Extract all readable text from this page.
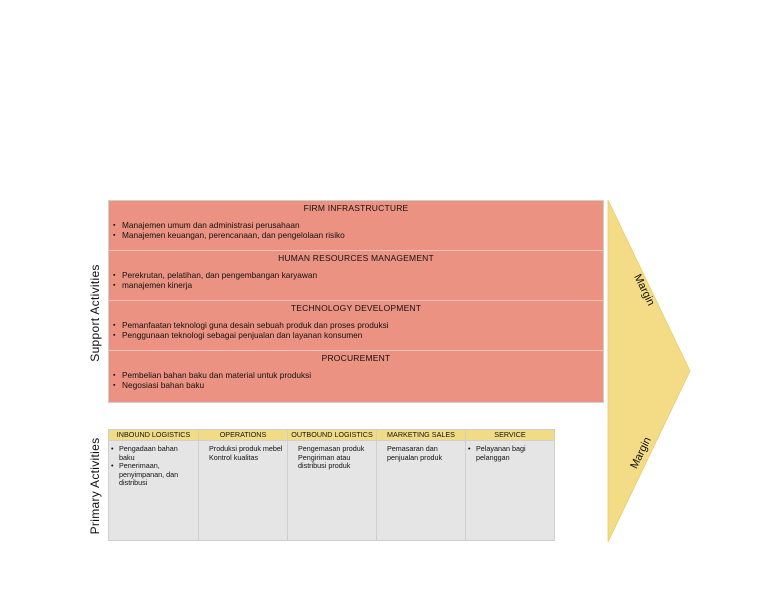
Margin
Margin
FIRM INFRASTRUCTURE
▪ Manajemen umum dan administrasi perusahaan
▪ Manajemen keuangan, perencanaan, dan pengelolaan risiko
HUMAN RESOURCES MANAGEMENT
▪ Perekrutan, pelatihan, dan pengembangan karyawan
▪ manajemen kinerja
TECHNOLOGY DEVELOPMENT
▪ Pemanfaatan teknologi guna desain sebuah produk dan proses produksi
▪ Penggunaan teknologi sebagai penjualan dan layanan konsumen
PROCUREMENT
▪ Pembelian bahan baku dan material untuk produksi
▪ Negosiasi bahan baku
INBOUND LOGISTICS
• Pengadaan bahan baku
• Penerimaan, penyimpanan, dan distribusi
OPERATIONS
Produksi produk mebel
Kontrol kualitas
OUTBOUND LOGISTICS
Pengemasan produk
Pengiriman atau distribusi produk
MARKETING SALES
Pemasaran dan penjualan produk
SERVICE
• Pelayanan bagi pelanggan
Support Activities
Primary Activities
